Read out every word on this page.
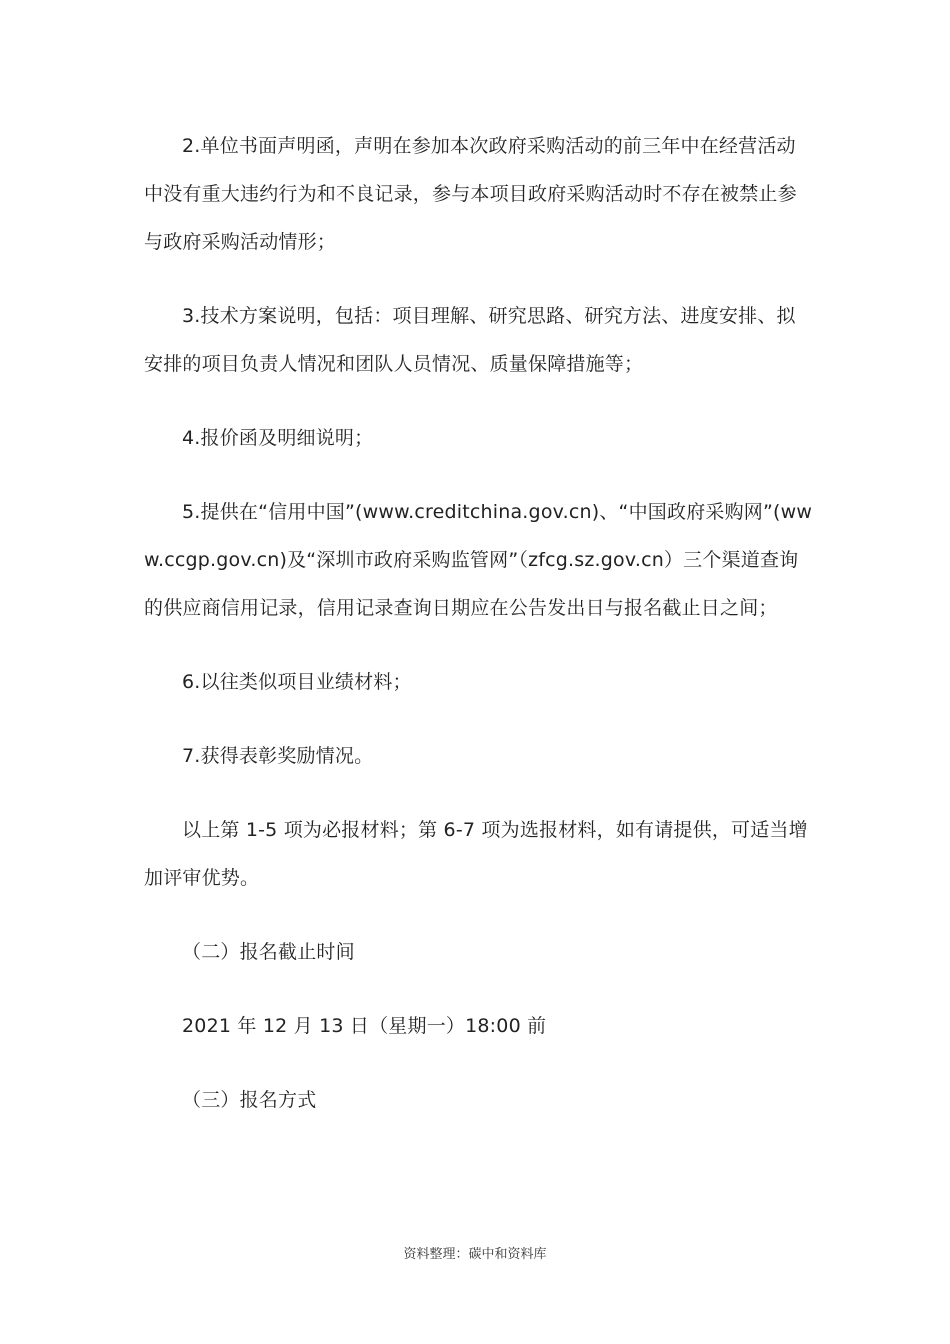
2.单位书面声明函，声明在参加本次政府采购活动的前三年中在经营活动中没有重大违约行为和不良记录，参与本项目政府采购活动时不存在被禁止参与政府采购活动情形；

3.技术方案说明，包括：项目理解、研究思路、研究方法、进度安排、拟安排的项目负责人情况和团队人员情况、质量保障措施等；

4.报价函及明细说明；

5.提供在“信用中国”(www.creditchina.gov.cn)、“中国政府采购网”(www.ccgp.gov.cn)及“深圳市政府采购监管网”（zfcg.sz.gov.cn）三个渠道查询的供应商信用记录，信用记录查询日期应在公告发出日与报名截止日之间；

6.以往类似项目业绩材料；

7.获得表彰奖励情况。

以上第 1-5 项为必报材料；第 6-7 项为选报材料，如有请提供，可适当增加评审优势。

（二）报名截止时间

2021 年 12 月 13 日（星期一）18:00 前

（三）报名方式

资料整理：碳中和资料库
